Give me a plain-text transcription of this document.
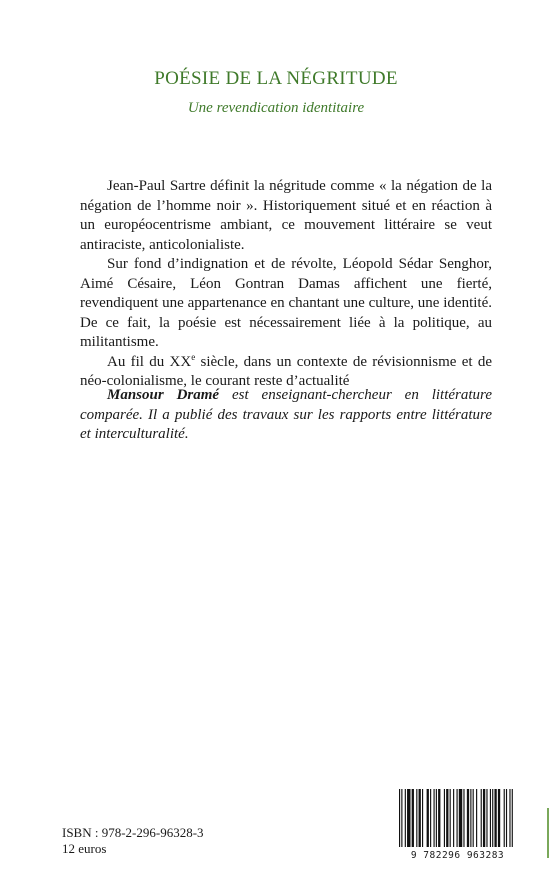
POÉSIE DE LA NÉGRITUDE
Une revendication identitaire

Jean-Paul Sartre définit la négritude comme « la négation de la négation de l’homme noir ». Historiquement situé et en réaction à un européocentrisme ambiant, ce mouvement littéraire se veut antiraciste, anticolonialiste.

Sur fond d’indignation et de révolte, Léopold Sédar Senghor, Aimé Césaire, Léon Gontran Damas affichent une fierté, revendiquent une appartenance en chantant une culture, une identité. De ce fait, la poésie est nécessairement liée à la politique, au militantisme.

Au fil du XXe siècle, dans un contexte de révisionnisme et de néo-colonialisme, le courant reste d’actualité

Mansour Dramé est enseignant-chercheur en littérature comparée. Il a publié des travaux sur les rapports entre littérature et interculturalité.

ISBN : 978-2-296-96328-3
12 euros	9 782296 963283
